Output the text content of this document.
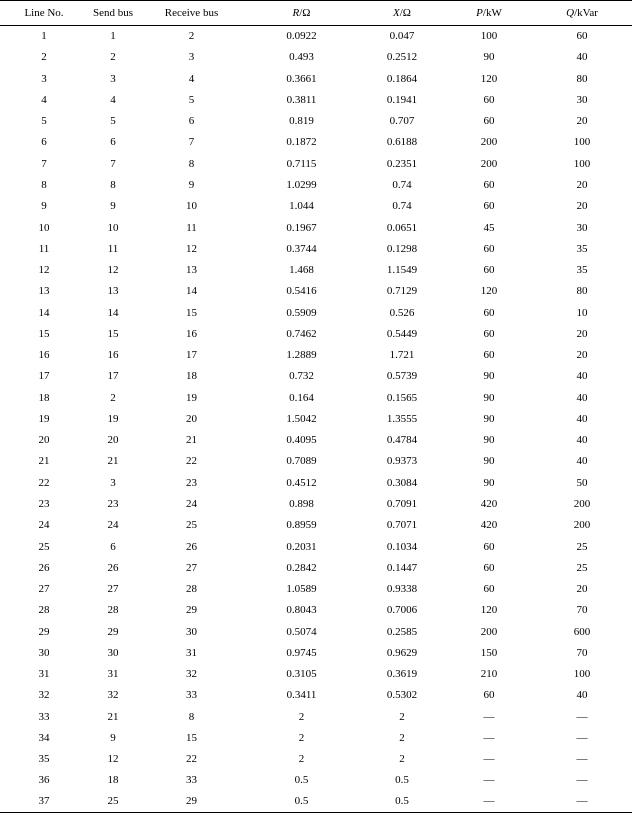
Line No.	Send bus	Receive bus	R/Ω	X/Ω	P/kW	Q/kVar
1	1	2	0.0922	0.047	100	60
2	2	3	0.493	0.2512	90	40
3	3	4	0.3661	0.1864	120	80
4	4	5	0.3811	0.1941	60	30
5	5	6	0.819	0.707	60	20
6	6	7	0.1872	0.6188	200	100
7	7	8	0.7115	0.2351	200	100
8	8	9	1.0299	0.74	60	20
9	9	10	1.044	0.74	60	20
10	10	11	0.1967	0.0651	45	30
11	11	12	0.3744	0.1298	60	35
12	12	13	1.468	1.1549	60	35
13	13	14	0.5416	0.7129	120	80
14	14	15	0.5909	0.526	60	10
15	15	16	0.7462	0.5449	60	20
16	16	17	1.2889	1.721	60	20
17	17	18	0.732	0.5739	90	40
18	2	19	0.164	0.1565	90	40
19	19	20	1.5042	1.3555	90	40
20	20	21	0.4095	0.4784	90	40
21	21	22	0.7089	0.9373	90	40
22	3	23	0.4512	0.3084	90	50
23	23	24	0.898	0.7091	420	200
24	24	25	0.8959	0.7071	420	200
25	6	26	0.2031	0.1034	60	25
26	26	27	0.2842	0.1447	60	25
27	27	28	1.0589	0.9338	60	20
28	28	29	0.8043	0.7006	120	70
29	29	30	0.5074	0.2585	200	600
30	30	31	0.9745	0.9629	150	70
31	31	32	0.3105	0.3619	210	100
32	32	33	0.3411	0.5302	60	40
33	21	8	2	2	—	—
34	9	15	2	2	—	—
35	12	22	2	2	—	—
36	18	33	0.5	0.5	—	—
37	25	29	0.5	0.5	—	—
